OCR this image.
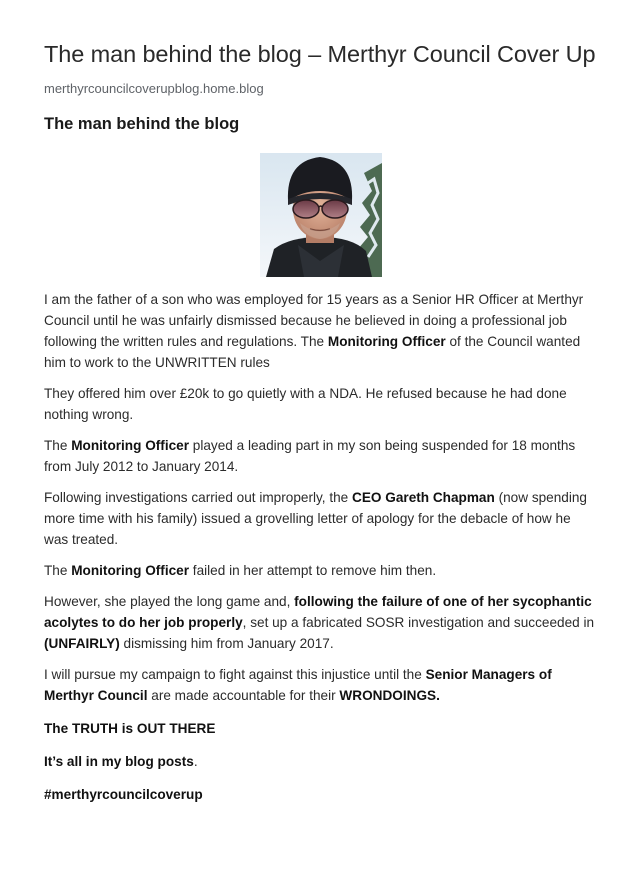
The man behind the blog – Merthyr Council Cover Up
merthyrcouncilcoverupblog.home.blog
The man behind the blog

I am the father of a son who was employed for 15 years as a Senior HR Officer at Merthyr Council until he was unfairly dismissed because he believed in doing a professional job following the written rules and regulations. The Monitoring Officer of the Council wanted him to work to the UNWRITTEN rules

They offered him over £20k to go quietly with a NDA. He refused because he had done nothing wrong.

The Monitoring Officer played a leading part in my son being suspended for 18 months from July 2012 to January 2014.

Following investigations carried out improperly, the CEO Gareth Chapman (now spending more time with his family) issued a grovelling letter of apology for the debacle of how he was treated.

The Monitoring Officer failed in her attempt to remove him then.

However, she played the long game and, following the failure of one of her sycophantic acolytes to do her job properly, set up a fabricated SOSR investigation and succeeded in (UNFAIRLY) dismissing him from January 2017.

I will pursue my campaign to fight against this injustice until the Senior Managers of Merthyr Council are made accountable for their WRONDOINGS.

The TRUTH is OUT THERE

It’s all in my blog posts.

#merthyrcouncilcoverup
